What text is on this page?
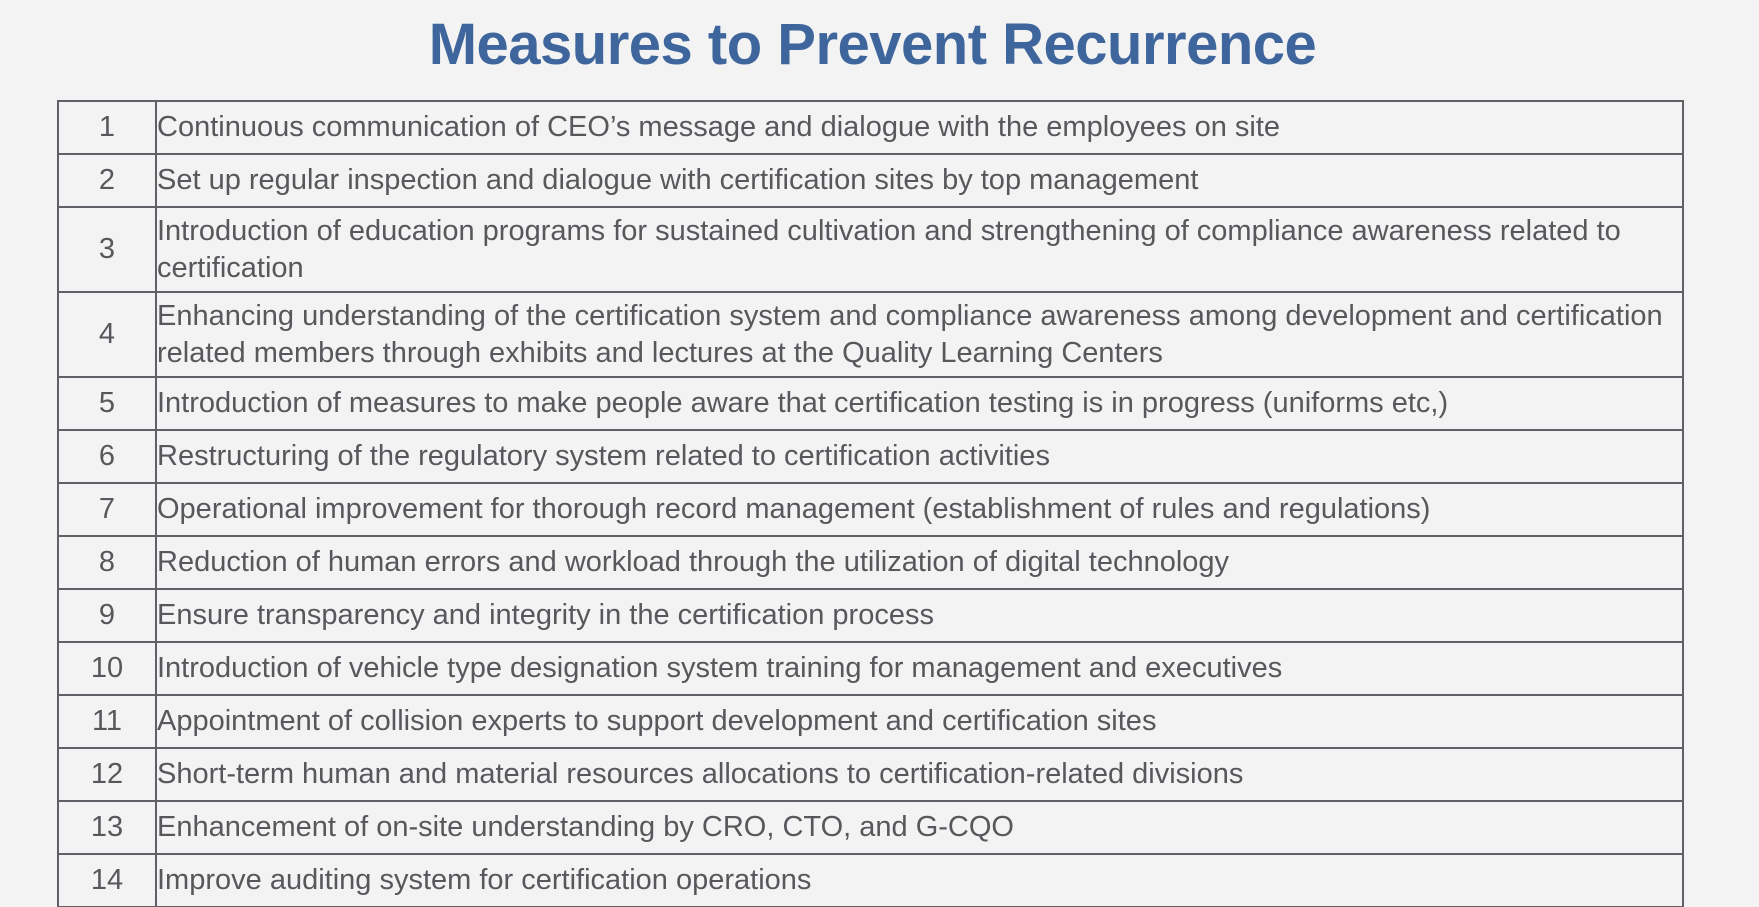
Measures to Prevent Recurrence
1	Continuous communication of CEO’s message and dialogue with the employees on site
2	Set up regular inspection and dialogue with certification sites by top management
3	Introduction of education programs for sustained cultivation and strengthening of compliance awareness related to certification
4	Enhancing understanding of the certification system and compliance awareness among development and certification related members through exhibits and lectures at the Quality Learning Centers
5	Introduction of measures to make people aware that certification testing is in progress (uniforms etc,)
6	Restructuring of the regulatory system related to certification activities
7	Operational improvement for thorough record management (establishment of rules and regulations)
8	Reduction of human errors and workload through the utilization of digital technology
9	Ensure transparency and integrity in the certification process
10	Introduction of vehicle type designation system training for management and executives
11	Appointment of collision experts to support development and certification sites
12	Short-term human and material resources allocations to certification-related divisions
13	Enhancement of on-site understanding by CRO, CTO, and G-CQO
14	Improve auditing system for certification operations
